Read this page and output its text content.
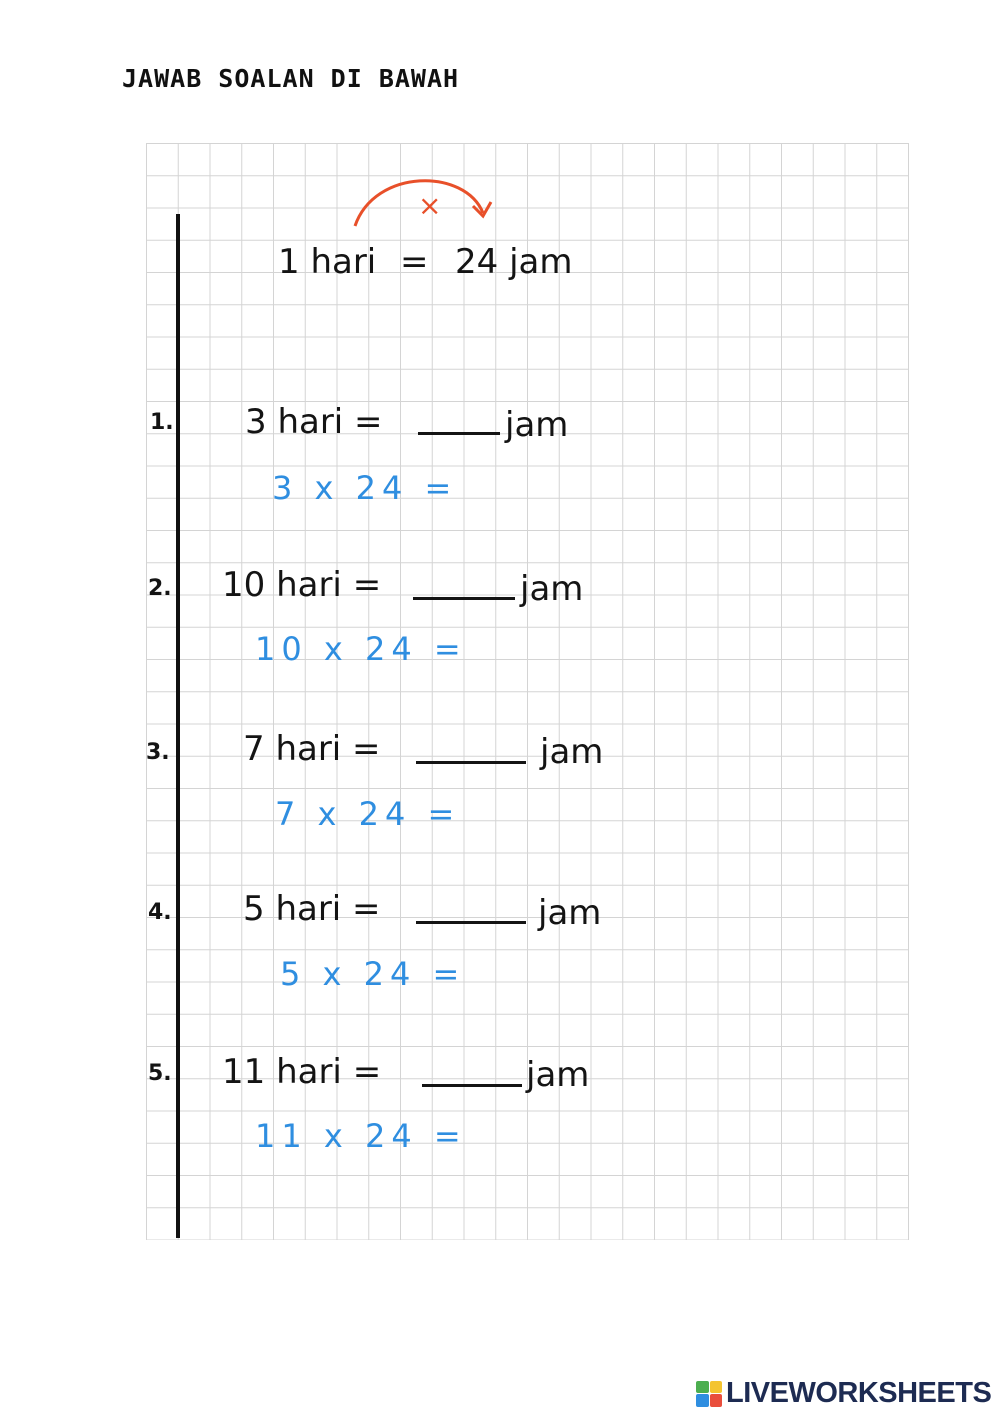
JAWAB SOALAN DI BAWAH
×
1 hari = 24 jam
1. 3 hari =	jam
3 x 24 =
2. 10 hari =	jam
10 x 24 =
3. 7 hari =	jam
7 x 24 =
4. 5 hari =	jam
5 x 24 =
5. 11 hari =	jam
11 x 24 =
LIVEWORKSHEETS
